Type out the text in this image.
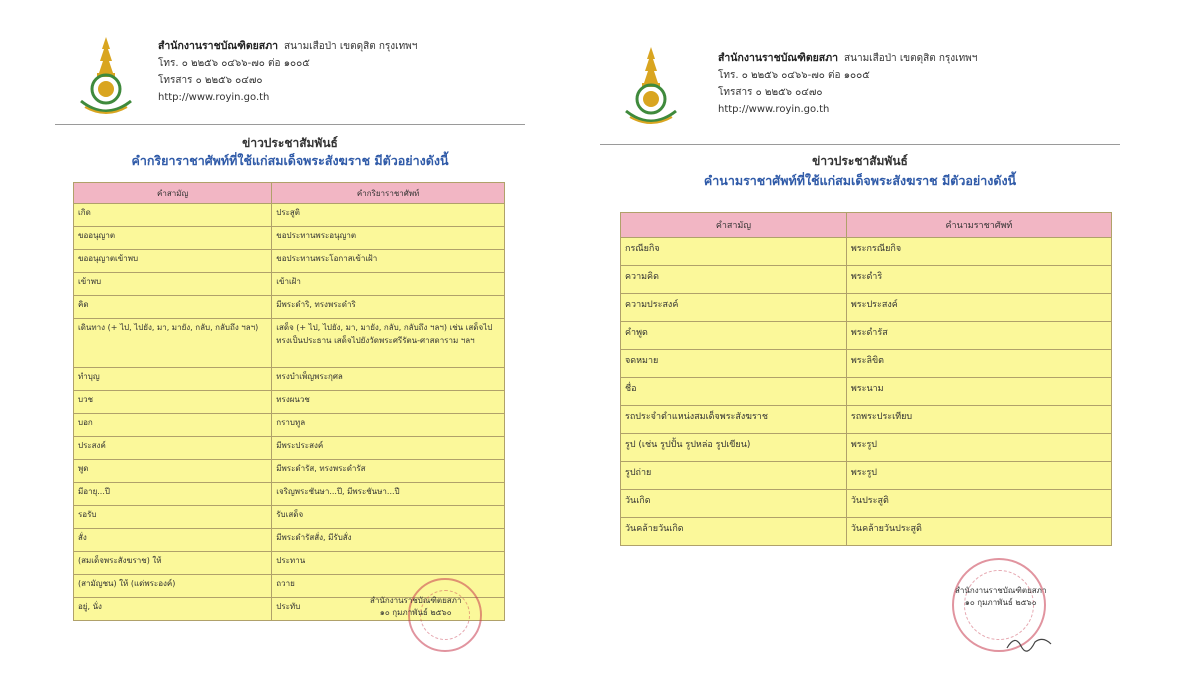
สำนักงานราชบัณฑิตยสภา สนามเสือป่า เขตดุสิต กรุงเทพฯ
โทร. ๐ ๒๒๕๖ ๐๔๖๖-๗๐ ต่อ ๑๐๐๕
โทรสาร ๐ ๒๒๕๖ ๐๔๗๐
http://www.royin.go.th
ข่าวประชาสัมพันธ์
คำกริยาราชาศัพท์ที่ใช้แก่สมเด็จพระสังฆราช มีตัวอย่างดังนี้
คำสามัญ	คำกริยาราชาศัพท์
เกิด	ประสูติ
ขออนุญาต	ขอประทานพระอนุญาต
ขออนุญาตเข้าพบ	ขอประทานพระโอกาสเข้าเฝ้า
เข้าพบ	เข้าเฝ้า
คิด	มีพระดำริ, ทรงพระดำริ
เดินทาง (+ ไป, ไปยัง, มา, มายัง, กลับ, กลับถึง ฯลฯ)	เสด็จ (+ ไป, ไปยัง, มา, มายัง, กลับ, กลับถึง ฯลฯ) เช่น เสด็จไปทรงเป็นประธาน เสด็จไปยังวัดพระศรีรัตน-ศาสดาราม ฯลฯ
ทำบุญ	ทรงบำเพ็ญพระกุศล
บวช	ทรงผนวช
บอก	กราบทูล
ประสงค์	มีพระประสงค์
พูด	มีพระดำรัส, ทรงพระดำรัส
มีอายุ...ปี	เจริญพระชันษา...ปี, มีพระชันษา...ปี
รอรับ	รับเสด็จ
สั่ง	มีพระดำรัสสั่ง, มีรับสั่ง
(สมเด็จพระสังฆราช) ให้	ประทาน
(สามัญชน) ให้ (แด่พระองค์)	ถวาย
อยู่, นั่ง	ประทับ
สำนักงานราชบัณฑิตยสภา
๑๐ กุมภาพันธ์ ๒๕๖๐
สำนักงานราชบัณฑิตยสภา สนามเสือป่า เขตดุสิต กรุงเทพฯ
โทร. ๐ ๒๒๕๖ ๐๔๖๖-๗๐ ต่อ ๑๐๐๕
โทรสาร ๐ ๒๒๕๖ ๐๔๗๐
http://www.royin.go.th
ข่าวประชาสัมพันธ์
คำนามราชาศัพท์ที่ใช้แก่สมเด็จพระสังฆราช มีตัวอย่างดังนี้
คำสามัญ	คำนามราชาศัพท์
กรณียกิจ	พระกรณียกิจ
ความคิด	พระดำริ
ความประสงค์	พระประสงค์
คำพูด	พระดำรัส
จดหมาย	พระลิขิต
ชื่อ	พระนาม
รถประจำตำแหน่งสมเด็จพระสังฆราช	รถพระประเทียบ
รูป (เช่น รูปปั้น รูปหล่อ รูปเขียน)	พระรูป
รูปถ่าย	พระรูป
วันเกิด	วันประสูติ
วันคล้ายวันเกิด	วันคล้ายวันประสูติ
สำนักงานราชบัณฑิตยสภา
๑๐ กุมภาพันธ์ ๒๕๖๐
